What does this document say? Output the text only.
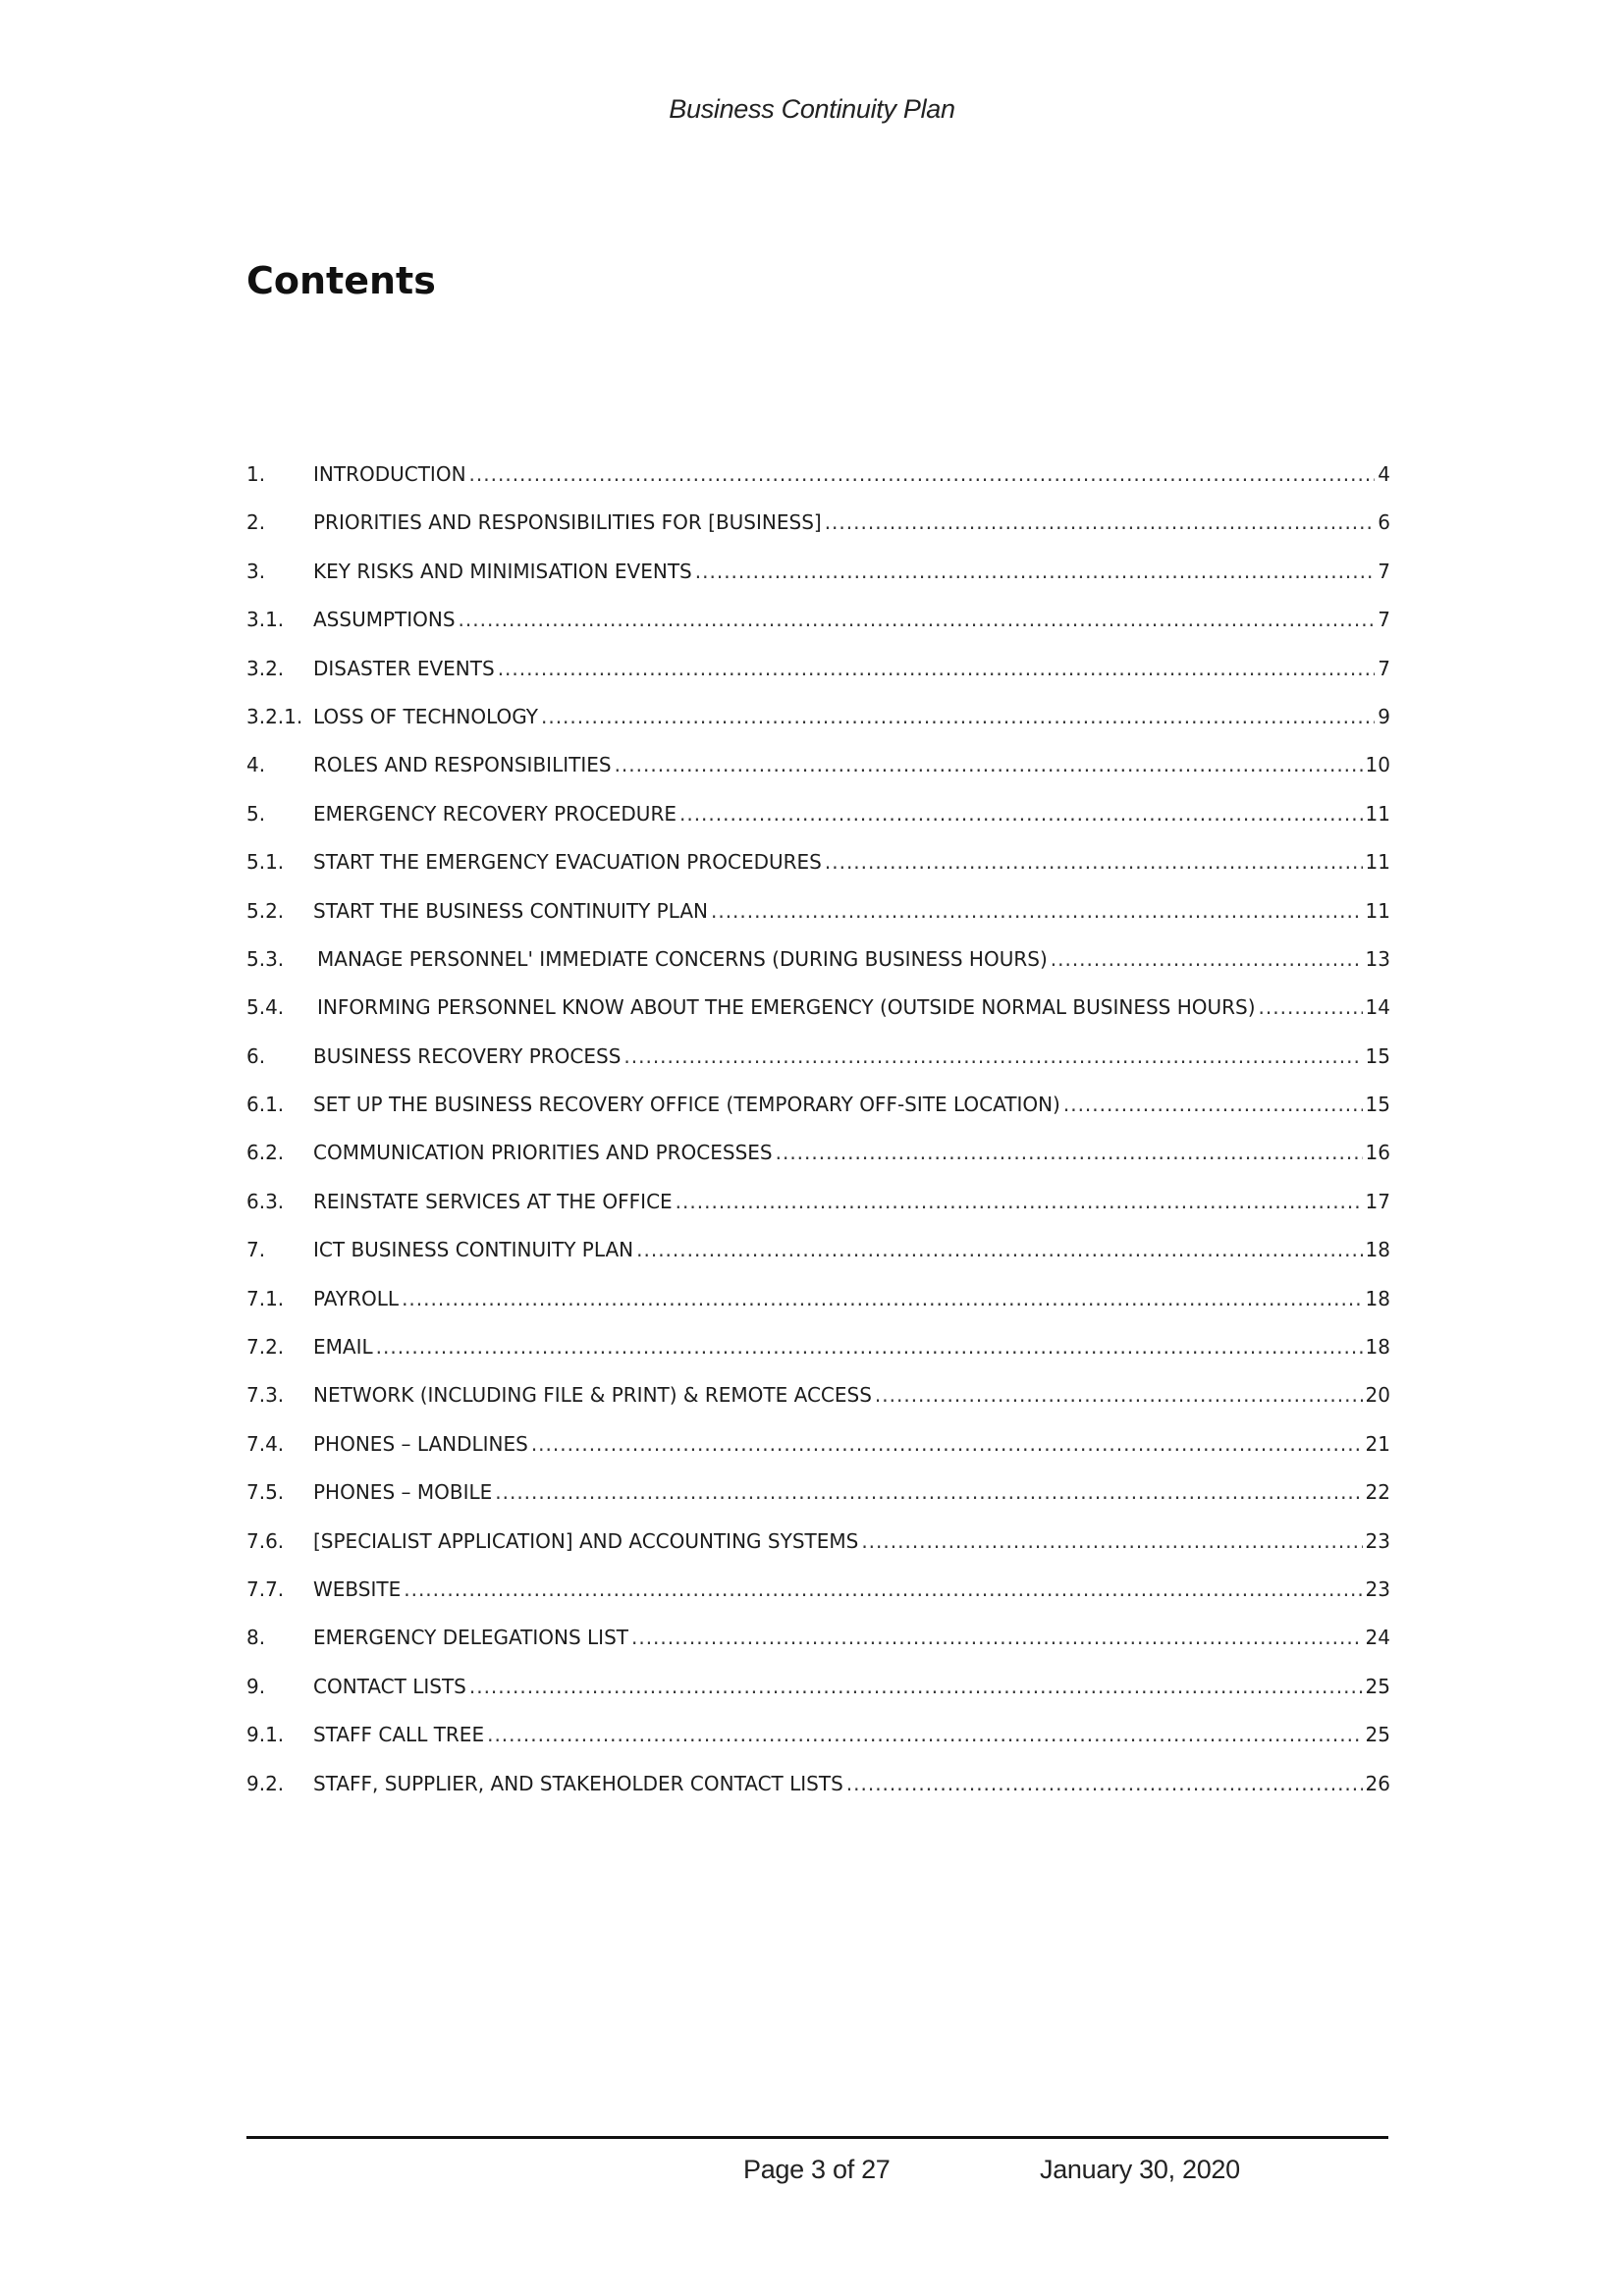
Business Continuity Plan
Contents
1.	INTRODUCTION .....	4
2.	PRIORITIES AND RESPONSIBILITIES FOR [BUSINESS] .....	6
3.	KEY RISKS AND MINIMISATION EVENTS .....	7
3.1.	ASSUMPTIONS .....	7
3.2.	DISASTER EVENTS .....	7
3.2.1. LOSS OF TECHNOLOGY .....	9
4.	ROLES AND RESPONSIBILITIES .....	10
5.	EMERGENCY RECOVERY PROCEDURE .....	11
5.1.	START THE EMERGENCY EVACUATION PROCEDURES .....	11
5.2.	START THE BUSINESS CONTINUITY PLAN .....	11
5.3.	MANAGE PERSONNEL' IMMEDIATE CONCERNS (DURING BUSINESS HOURS) .....	13
5.4.	INFORMING PERSONNEL KNOW ABOUT THE EMERGENCY (OUTSIDE NORMAL BUSINESS HOURS) .....	14
6.	BUSINESS RECOVERY PROCESS .....	15
6.1.	SET UP THE BUSINESS RECOVERY OFFICE (TEMPORARY OFF-SITE LOCATION) .....	15
6.2.	COMMUNICATION PRIORITIES AND PROCESSES .....	16
6.3.	REINSTATE SERVICES AT THE OFFICE .....	17
7.	ICT BUSINESS CONTINUITY PLAN .....	18
7.1.	PAYROLL .....	18
7.2.	EMAIL .....	18
7.3.	NETWORK (INCLUDING FILE & PRINT) & REMOTE ACCESS .....	20
7.4.	PHONES – LANDLINES .....	21
7.5.	PHONES – MOBILE .....	22
7.6.	[SPECIALIST APPLICATION] AND ACCOUNTING SYSTEMS .....	23
7.7.	WEBSITE .....	23
8.	EMERGENCY DELEGATIONS LIST .....	24
9.	CONTACT LISTS .....	25
9.1.	STAFF CALL TREE .....	25
9.2.	STAFF, SUPPLIER, AND STAKEHOLDER CONTACT LISTS .....	26
Page 3 of 27	January 30, 2020
